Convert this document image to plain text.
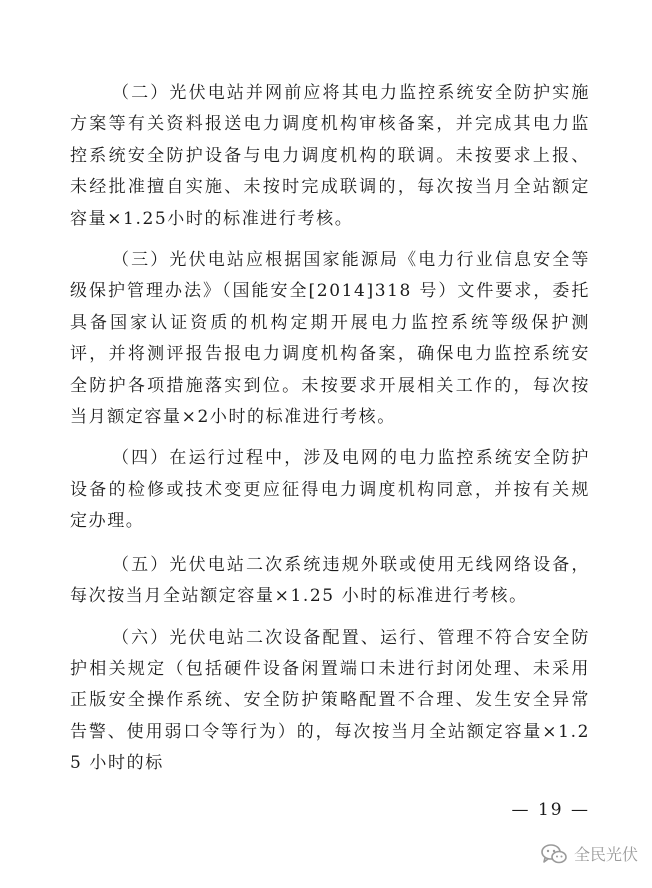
（二）光伏电站并网前应将其电力监控系统安全防护实施方案等有关资料报送电力调度机构审核备案，并完成其电力监控系统安全防护设备与电力调度机构的联调。未按要求上报、未经批准擅自实施、未按时完成联调的，每次按当月全站额定容量×1.25小时的标准进行考核。

（三）光伏电站应根据国家能源局《电力行业信息安全等级保护管理办法》（国能安全[2014]318 号）文件要求，委托具备国家认证资质的机构定期开展电力监控系统等级保护测评，并将测评报告报电力调度机构备案，确保电力监控系统安全防护各项措施落实到位。未按要求开展相关工作的，每次按当月额定容量×2小时的标准进行考核。

（四）在运行过程中，涉及电网的电力监控系统安全防护设备的检修或技术变更应征得电力调度机构同意，并按有关规定办理。

（五）光伏电站二次系统违规外联或使用无线网络设备，每次按当月全站额定容量×1.25 小时的标准进行考核。

（六）光伏电站二次设备配置、运行、管理不符合安全防护相关规定（包括硬件设备闲置端口未进行封闭处理、未采用正版安全操作系统、安全防护策略配置不合理、发生安全异常告警、使用弱口令等行为）的，每次按当月全站额定容量×1.25 小时的标

— 19 —
全民光伏
